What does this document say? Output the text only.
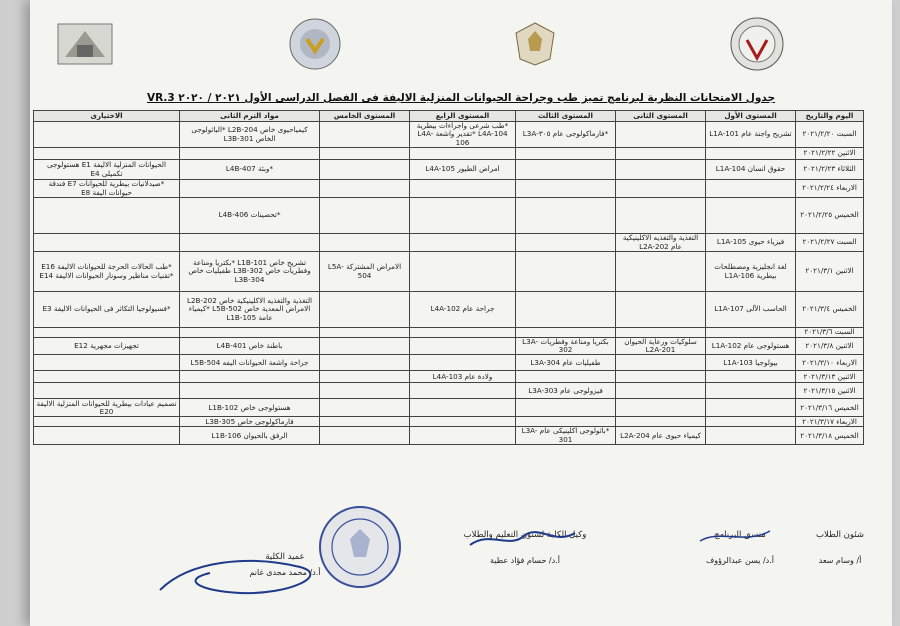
جدول الامتحانات النظرية لبرنامج تميز طب وجراحة الحيوانات المنزلية الاليفة فى الفصل الدراسى الأول ٢٠٢١ / ٢٠٢٠ VR.3
اليوم والتاريخ	المستوى الأول	المستوى الثانى	المستوى الثالث	المستوى الرابع	المستوى الخامس	مواد الترم الثانى	الاختيارى
السبت ٢٠٢١/٢/٢٠	تشريح واجنة عام L1A-101		*فارماكولوجى عام ٣٠٥-L3A	*طب شرعى واجراءات بيطرية L4A-104 *تقدير واشعة L4A-106		كيمياحيوى خاص L2B-204 *الباثولوجى الخاص L3B-301	
الاثنين ٢٠٢١/٢/٢٢							
الثلاثاء ٢٠٢١/٢/٢٣	حقوق انسان L1A-104			امراض الطيور L4A-105		*وبئة L4B-407	الحيوانات المنزلية الاليفة E1 هستولوجى تكميلى E4
الاربعاء ٢٠٢١/٢/٢٤							*صيدلانيات بيطرية للحيوانات E7 فندقة حيوانات اليفة E8
الخميس ٢٠٢١/٢/٢٥						*تحصينات L4B-406	
السبت ٢٠٢١/٢/٢٧	فيزياء حيوى L1A-105	التغذية والتغذيه الاكلينيكية عام L2A-202					
الاثنين ٢٠٢١/٣/١	لغة انجليزية ومصطلحات بيطرية L1A-106				الامراض المشتركة L5A-504	تشريح خاص L1B-101 *بكتريا ومناعة وفطريات خاص L3B-302 طفيليات خاص L3B-304	*طب الحالات الحرجة للحيوانات الاليفة E16 *تقنيات مناظير وسونار الحيوانات الاليفة E14
الخميس ٢٠٢١/٣/٤	الحاسب الآلى L1A-107			جراحة عام L4A-102		التغذية والتغذيه الاكلينيكية خاص L2B-202 الامراض المعدية خاص L5B-502 *كيمياء عامة L1B-105	*فسيولوجيا التكاثر فى الحيوانات الاليفة E3
السبت ٢٠٢١/٣/٦							
الاثنين ٢٠٢١/٣/٨	هستولوجى عام L1A-102	سلوكيات ورعاية الحيوان L2A-201	بكتريا ومناعة وفطريات L3A-302			باطنة خاص L4B-401	تجهيزات مجهرية E12
الاربعاء ٢٠٢١/٣/١٠	بيولوجيا L1A-103		طفيليات عام L3A-304			جراحة واشعة الحيوانات اليفه L5B-504	
الاثنين ٢٠٢١/٣/١٣				ولادة عام L4A-103			
الاثنين ٢٠٢١/٣/١٥			فيزولوجى عام L3A-303				
الخميس ٢٠٢١/٣/١٦						هستولوجى خاص L1B-102	تصميم عيادات بيطرية للحيوانات المنزلية الاليفة E20
الاربعاء ٢٠٢١/٣/١٧						فارماكولوجى خاص L3B-305	
الخميس ٢٠٢١/٣/١٨		كيمياء حيوى عام L2A-204	*باثولوجى اكلينيكى عام L3A-301			الرفق بالحيوان L1B-106	
شئون الطلاب
أ/ وسام سعد
منسق البرنامج
أ.د/ يسن عبدالرؤوف
وكيل الكلية لشئون التعليم والطلاب
أ.د/ حسام فؤاد عطية
عميد الكلية
أ.د/ محمد مجدى غانم
